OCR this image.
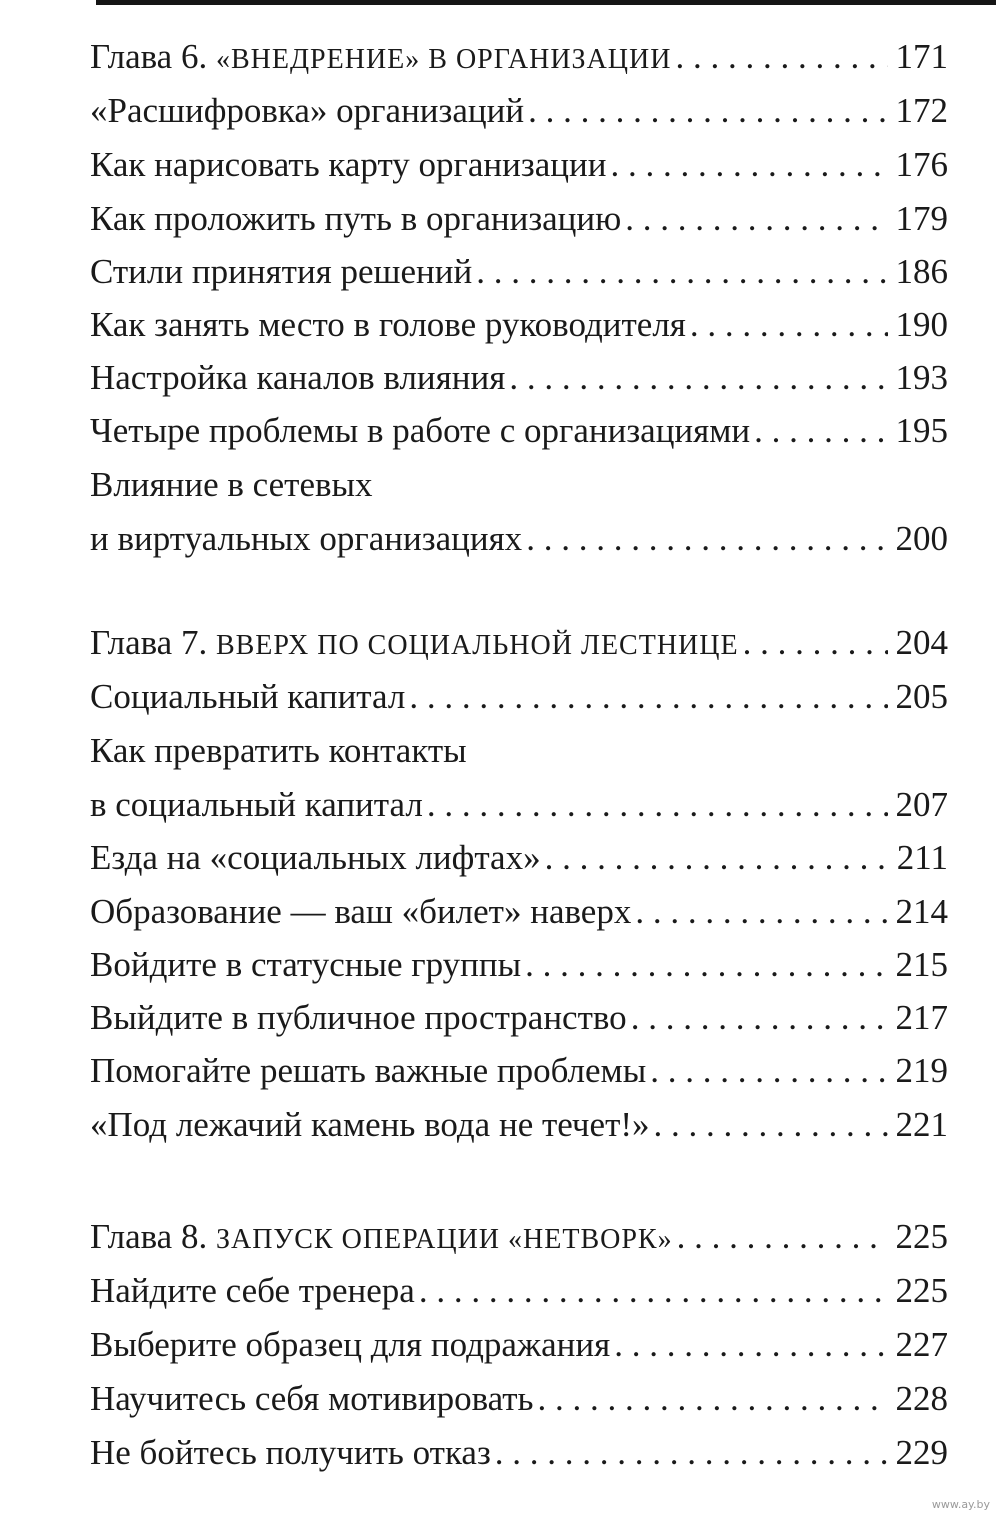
Глава 6.
«ВНЕДРЕНИЕ» В ОРГАНИЗАЦИИ . . .	171
«Расшифровка» организаций . . .	172
Как нарисовать карту организации . . .	176
Как проложить путь в организацию . . .	179
Стили принятия решений . . .	186
Как занять место в голове руководителя . . .	190
Настройка каналов влияния . . .	193
Четыре проблемы в работе с организациями . . .	195
Влияние в сетевых
и виртуальных организациях . . .	200
Глава 7.
ВВЕРХ ПО СОЦИАЛЬНОЙ ЛЕСТНИЦЕ . . .	204
Социальный капитал . . .	205
Как превратить контакты
в социальный капитал . . .	207
Езда на «социальных лифтах» . . .	211
Образование — ваш «билет» наверх . . .	214
Войдите в статусные группы . . .	215
Выйдите в публичное пространство . . .	217
Помогайте решать важные проблемы . . .	219
«Под лежачий камень вода не течет!» . . .	221
Глава 8.
ЗАПУСК ОПЕРАЦИИ «НЕТВОРК» . . .	225
Найдите себе тренера . . .	225
Выберите образец для подражания . . .	227
Научитесь себя мотивировать . . .	228
Не бойтесь получить отказ . . .	229
www.ay.by
